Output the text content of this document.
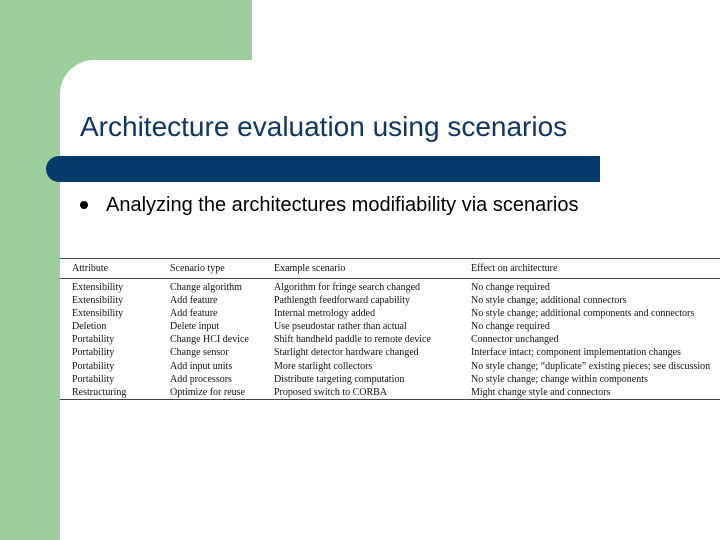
Architecture evaluation using scenarios
Analyzing the architectures modifiability via scenarios
Attribute	Scenario type	Example scenario	Effect on architecture
Extensibility	Change algorithm	Algorithm for fringe search changed	No change required
Extensibility	Add feature	Pathlength feedforward capability	No style change; additional connectors
Extensibility	Add feature	Internal metrology added	No style change; additional components and connectors
Deletion	Delete input	Use pseudostar rather than actual	No change required
Portability	Change HCI device	Shift handheld paddle to remote device	Connector unchanged
Portability	Change sensor	Starlight detector hardware changed	Interface intact; component implementation changes
Portability	Add input units	More starlight collectors	No style change; “duplicate” existing pieces; see discussion
Portability	Add processors	Distribute targeting computation	No style change; change within components
Restructuring	Optimize for reuse	Proposed switch to CORBA	Might change style and connectors
